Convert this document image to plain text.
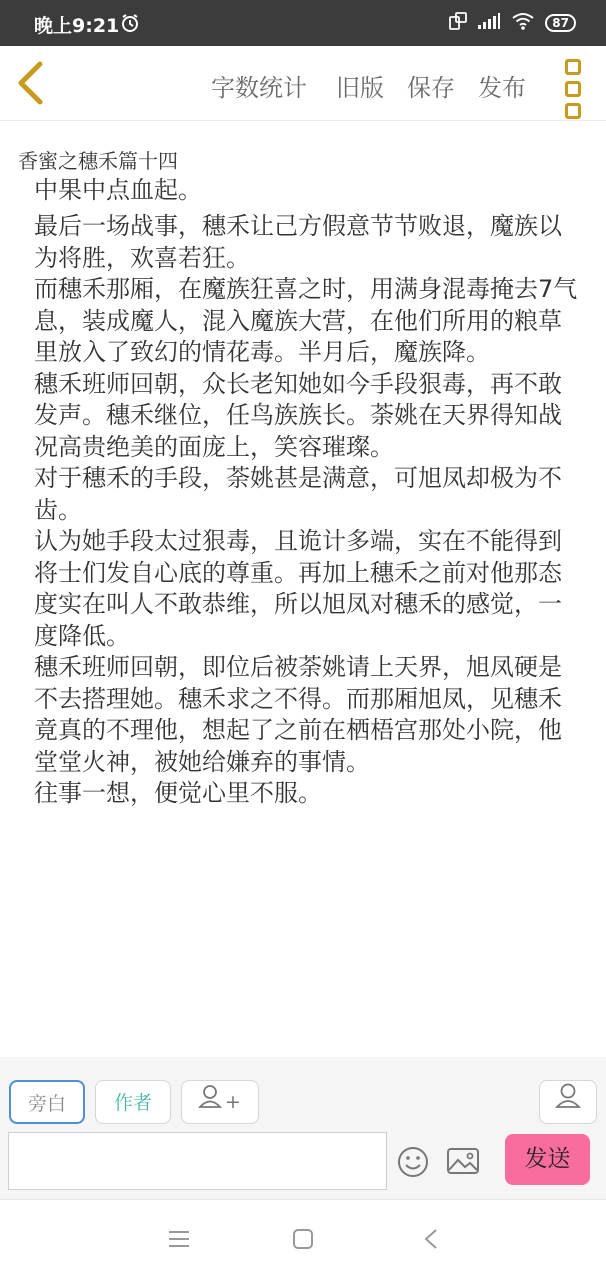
晚上9:21	87
字数统计 旧版 保存 发布
香蜜之穗禾篇十四
中果中点血起。

最后一场战事，穗禾让己方假意节节败退，魔族以为将胜，欢喜若狂。

而穗禾那厢，在魔族狂喜之时，用满身混毒掩去7气息，装成魔人，混入魔族大营，在他们所用的粮草里放入了致幻的情花毒。半月后，魔族降。

穗禾班师回朝，众长老知她如今手段狠毒，再不敢发声。穗禾继位，任鸟族族长。荼姚在天界得知战况高贵绝美的面庞上，笑容璀璨。

对于穗禾的手段，荼姚甚是满意，可旭凤却极为不齿。

认为她手段太过狠毒，且诡计多端，实在不能得到将士们发自心底的尊重。再加上穗禾之前对他那态度实在叫人不敢恭维，所以旭凤对穗禾的感觉，一度降低。

穗禾班师回朝，即位后被荼姚请上天界，旭凤硬是不去搭理她。穗禾求之不得。而那厢旭凤，见穗禾竟真的不理他，想起了之前在栖梧宫那处小院，他堂堂火神，被她给嫌弃的事情。

往事一想，便觉心里不服。

旁白	作者	+
发送
